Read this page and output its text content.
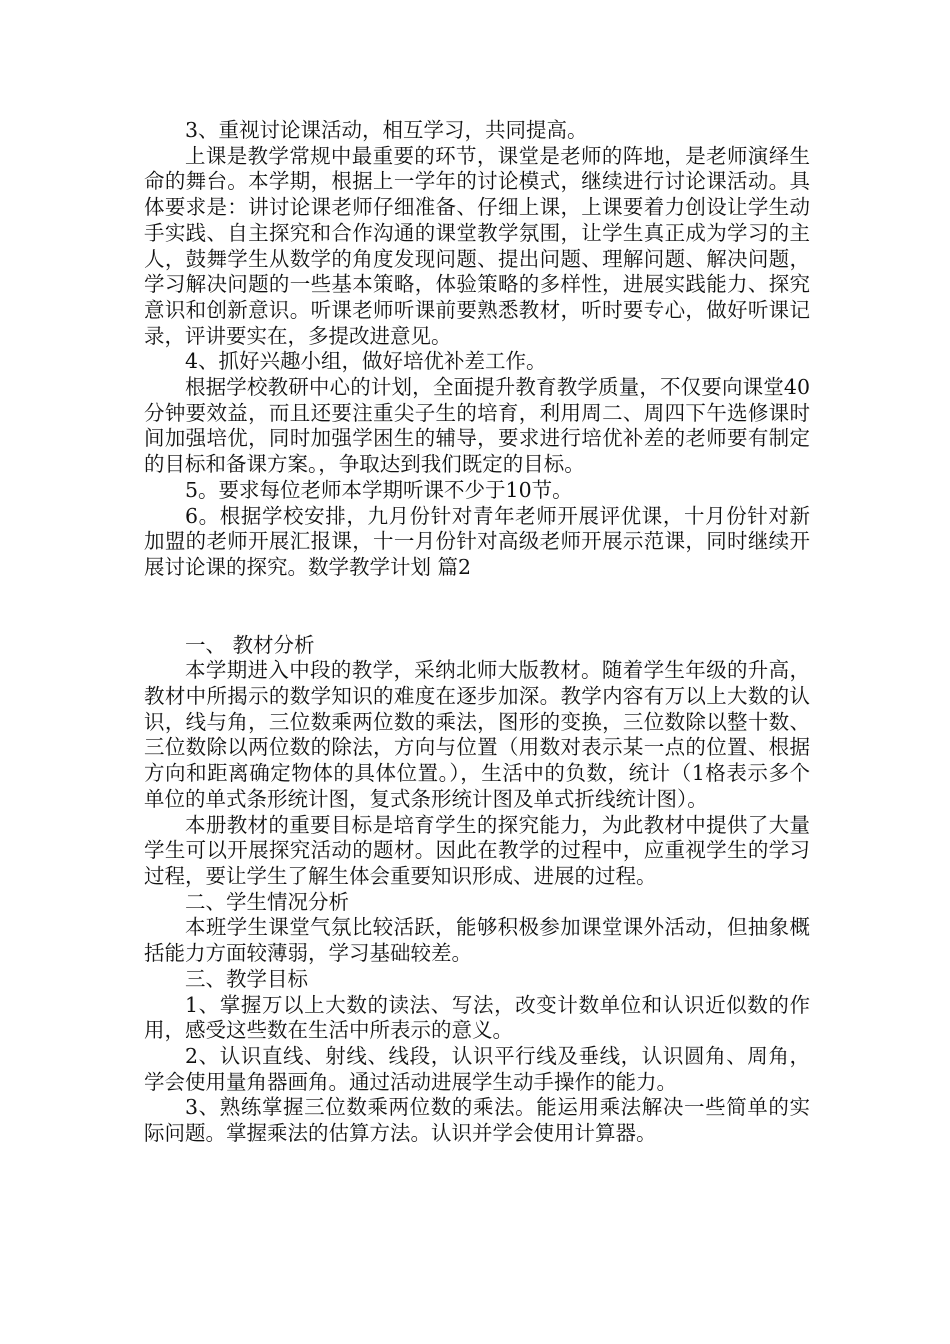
3、重视讨论课活动，相互学习，共同提高。

上课是教学常规中最重要的环节，课堂是老师的阵地，是老师演绎生命的舞台。本学期，根据上一学年的讨论模式，继续进行讨论课活动。具体要求是：讲讨论课老师仔细准备、仔细上课，上课要着力创设让学生动手实践、自主探究和合作沟通的课堂教学氛围，让学生真正成为学习的主人，鼓舞学生从数学的角度发现问题、提出问题、理解问题、解决问题，学习解决问题的一些基本策略，体验策略的多样性，进展实践能力、探究意识和创新意识。听课老师听课前要熟悉教材，听时要专心，做好听课记录，评讲要实在，多提改进意见。

4、抓好兴趣小组，做好培优补差工作。

根据学校教研中心的计划，全面提升教育教学质量，不仅要向课堂40分钟要效益，而且还要注重尖子生的培育，利用周二、周四下午选修课时间加强培优，同时加强学困生的辅导，要求进行培优补差的老师要有制定的目标和备课方案。，争取达到我们既定的目标。

5。要求每位老师本学期听课不少于10节。

6。根据学校安排，九月份针对青年老师开展评优课，十月份针对新加盟的老师开展汇报课，十一月份针对高级老师开展示范课，同时继续开展讨论课的探究。数学教学计划 篇2

一、 教材分析

本学期进入中段的教学，采纳北师大版教材。随着学生年级的升高，教材中所揭示的数学知识的难度在逐步加深。教学内容有万以上大数的认识，线与角，三位数乘两位数的乘法，图形的变换，三位数除以整十数、三位数除以两位数的除法，方向与位置（用数对表示某一点的位置、根据方向和距离确定物体的具体位置。），生活中的负数，统计（1格表示多个单位的单式条形统计图，复式条形统计图及单式折线统计图）。

本册教材的重要目标是培育学生的探究能力，为此教材中提供了大量学生可以开展探究活动的题材。因此在教学的过程中，应重视学生的学习过程，要让学生了解生体会重要知识形成、进展的过程。

二、学生情况分析

本班学生课堂气氛比较活跃，能够积极参加课堂课外活动，但抽象概括能力方面较薄弱，学习基础较差。

三、教学目标

1、掌握万以上大数的读法、写法，改变计数单位和认识近似数的作用，感受这些数在生活中所表示的意义。

2、认识直线、射线、线段，认识平行线及垂线，认识圆角、周角，学会使用量角器画角。通过活动进展学生动手操作的能力。

3、熟练掌握三位数乘两位数的乘法。能运用乘法解决一些简单的实际问题。掌握乘法的估算方法。认识并学会使用计算器。
